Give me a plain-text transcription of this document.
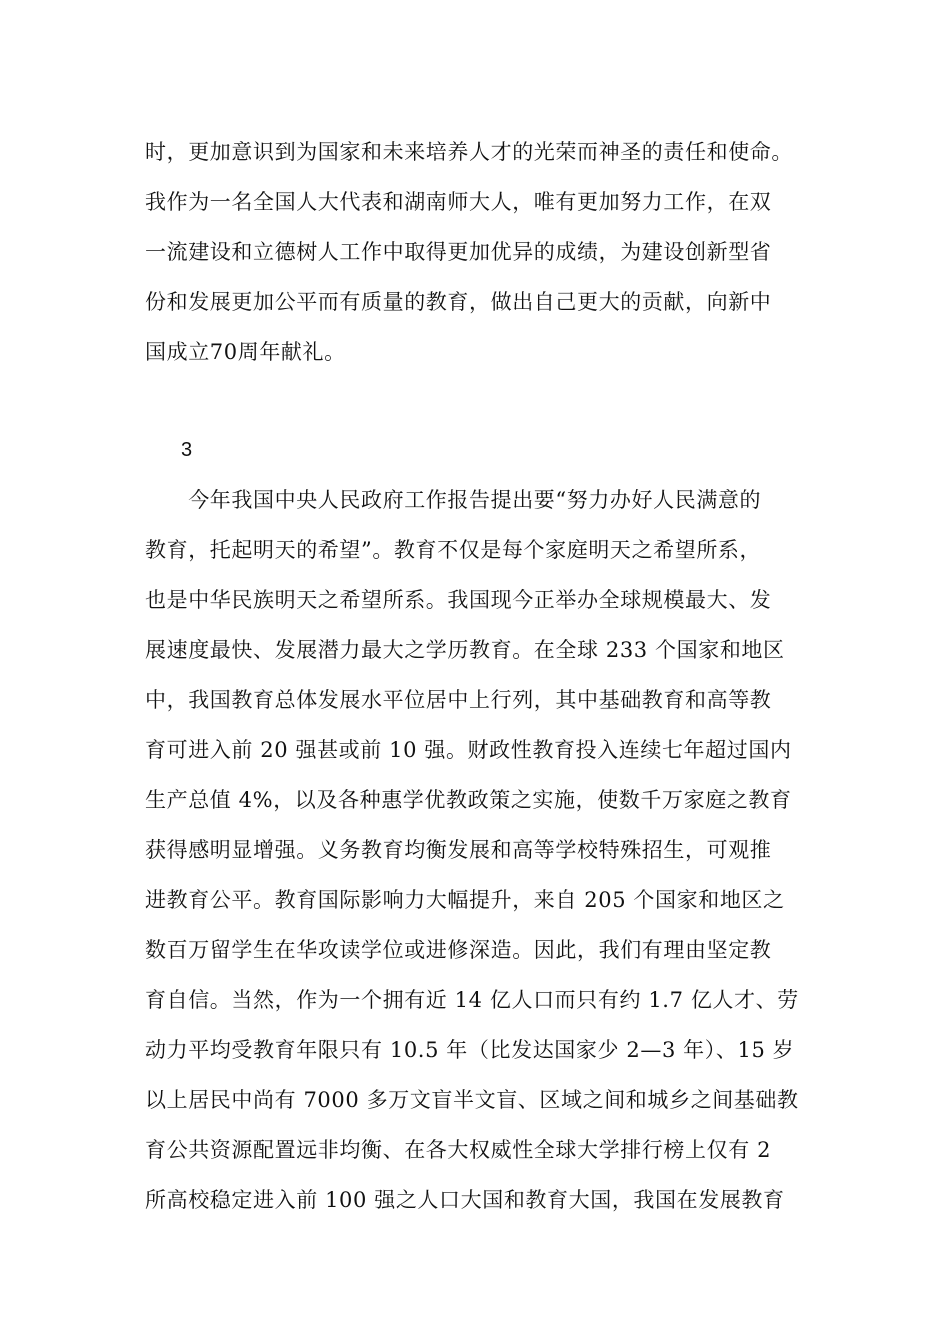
时，更加意识到为国家和未来培养人才的光荣而神圣的责任和使命。
我作为一名全国人大代表和湖南师大人，唯有更加努力工作，在双
一流建设和立德树人工作中取得更加优异的成绩，为建设创新型省
份和发展更加公平而有质量的教育，做出自己更大的贡献，向新中
国成立70周年献礼。
3
　　今年我国中央人民政府工作报告提出要“努力办好人民满意的
教育，托起明天的希望”。教育不仅是每个家庭明天之希望所系，
也是中华民族明天之希望所系。我国现今正举办全球规模最大、发
展速度最快、发展潜力最大之学历教育。在全球 233 个国家和地区
中，我国教育总体发展水平位居中上行列，其中基础教育和高等教
育可进入前 20 强甚或前 10 强。财政性教育投入连续七年超过国内
生产总值 4%，以及各种惠学优教政策之实施，使数千万家庭之教育
获得感明显增强。义务教育均衡发展和高等学校特殊招生，可观推
进教育公平。教育国际影响力大幅提升，来自 205 个国家和地区之
数百万留学生在华攻读学位或进修深造。因此，我们有理由坚定教
育自信。当然，作为一个拥有近 14 亿人口而只有约 1.7 亿人才、劳
动力平均受教育年限只有 10.5 年（比发达国家少 2—3 年）、15 岁
以上居民中尚有 7000 多万文盲半文盲、区域之间和城乡之间基础教
育公共资源配置远非均衡、在各大权威性全球大学排行榜上仅有 2
所高校稳定进入前 100 强之人口大国和教育大国，我国在发展教育
